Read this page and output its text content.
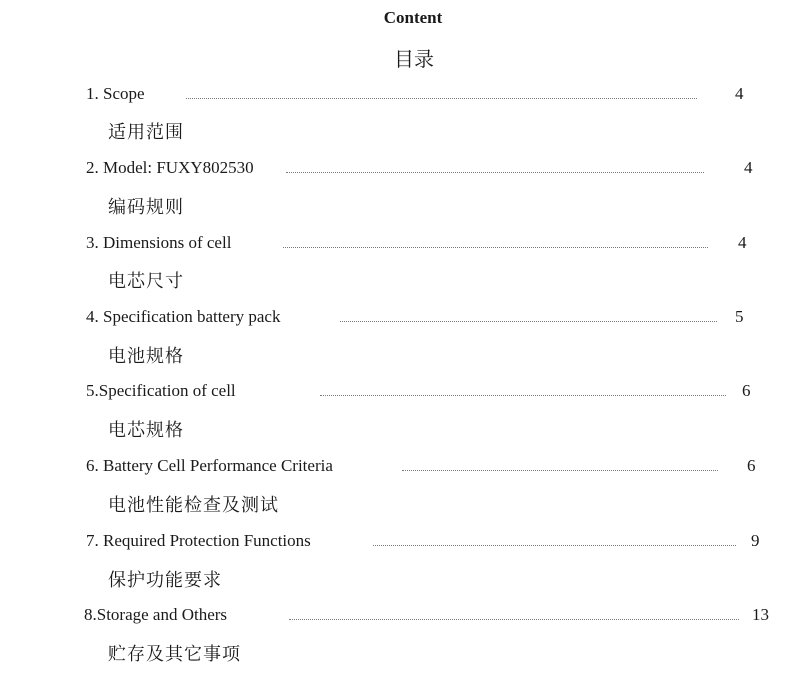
Content
目录
1. Scope	4
适用范围
2. Model: FUXY802530	4
编码规则
3. Dimensions of cell	4
电芯尺寸
4. Specification battery pack	5
电池规格
5.Specification of cell	6
电芯规格
6. Battery Cell Performance Criteria	6
电池性能检查及测试
7. Required Protection Functions	9
保护功能要求
8.Storage and Others	13
贮存及其它事项
